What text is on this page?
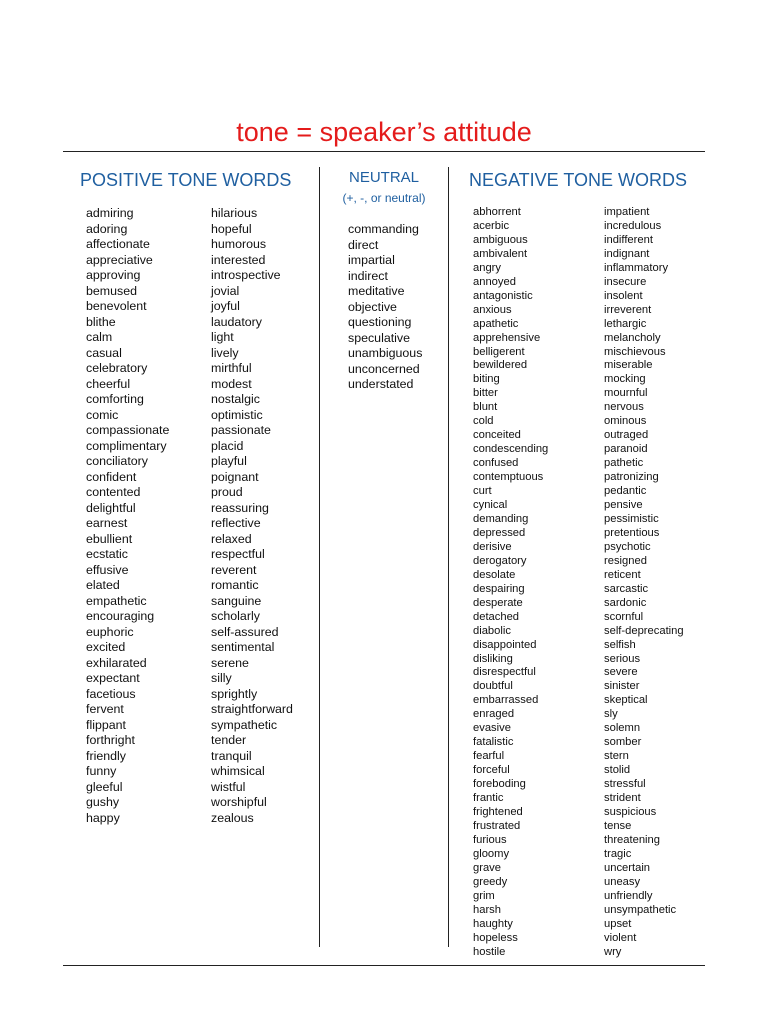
tone = speaker’s attitude
POSITIVE TONE WORDS
admiring
adoring
affectionate
appreciative
approving
bemused
benevolent
blithe
calm
casual
celebratory
cheerful
comforting
comic
compassionate
complimentary
conciliatory
confident
contented
delightful
earnest
ebullient
ecstatic
effusive
elated
empathetic
encouraging
euphoric
excited
exhilarated
expectant
facetious
fervent
flippant
forthright
friendly
funny
gleeful
gushy
happy
hilarious
hopeful
humorous
interested
introspective
jovial
joyful
laudatory
light
lively
mirthful
modest
nostalgic
optimistic
passionate
placid
playful
poignant
proud
reassuring
reflective
relaxed
respectful
reverent
romantic
sanguine
scholarly
self-assured
sentimental
serene
silly
sprightly
straightforward
sympathetic
tender
tranquil
whimsical
wistful
worshipful
zealous
NEUTRAL
(+, -, or neutral)
commanding
direct
impartial
indirect
meditative
objective
questioning
speculative
unambiguous
unconcerned
understated
NEGATIVE TONE WORDS
abhorrent
acerbic
ambiguous
ambivalent
angry
annoyed
antagonistic
anxious
apathetic
apprehensive
belligerent
bewildered
biting
bitter
blunt
cold
conceited
condescending
confused
contemptuous
curt
cynical
demanding
depressed
derisive
derogatory
desolate
despairing
desperate
detached
diabolic
disappointed
disliking
disrespectful
doubtful
embarrassed
enraged
evasive
fatalistic
fearful
forceful
foreboding
frantic
frightened
frustrated
furious
gloomy
grave
greedy
grim
harsh
haughty
hopeless
hostile
impatient
incredulous
indifferent
indignant
inflammatory
insecure
insolent
irreverent
lethargic
melancholy
mischievous
miserable
mocking
mournful
nervous
ominous
outraged
paranoid
pathetic
patronizing
pedantic
pensive
pessimistic
pretentious
psychotic
resigned
reticent
sarcastic
sardonic
scornful
self-deprecating
selfish
serious
severe
sinister
skeptical
sly
solemn
somber
stern
stolid
stressful
strident
suspicious
tense
threatening
tragic
uncertain
uneasy
unfriendly
unsympathetic
upset
violent
wry
